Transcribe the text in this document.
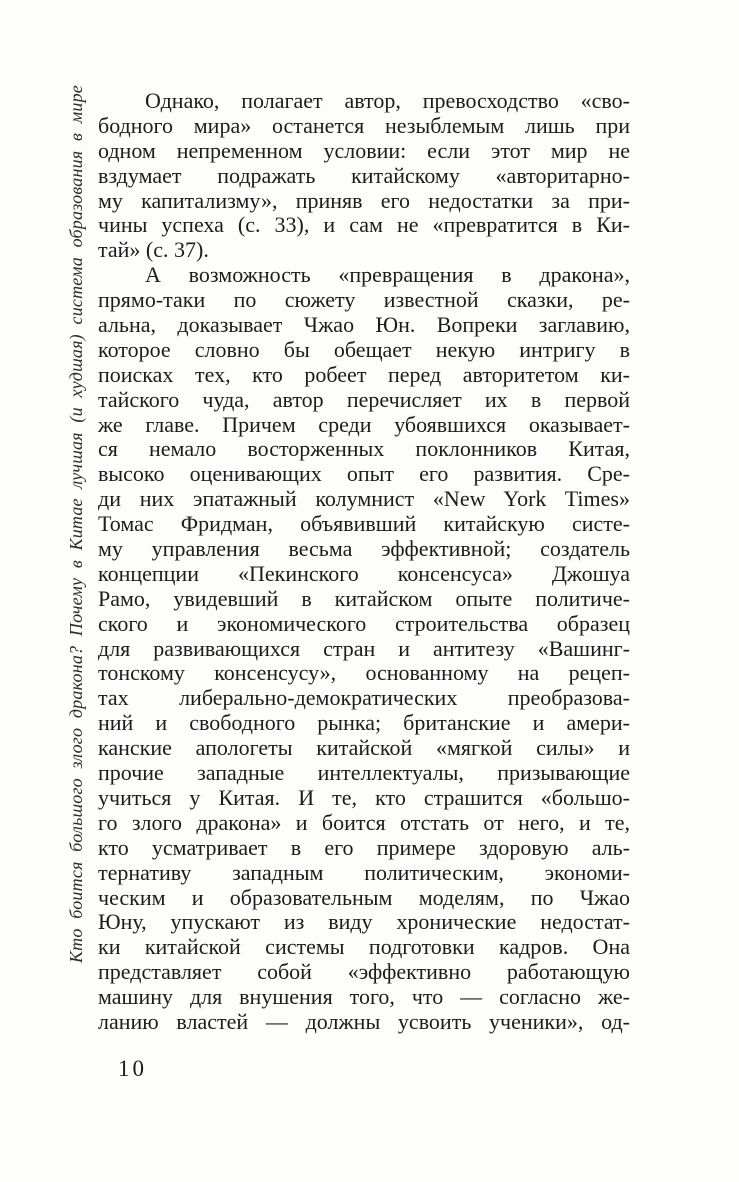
Кто боится большого злого дракона? Почему в Китае лучшая (и худшая) система образования в мире	Однако, полагает автор, превосходство «сво-
бодного мира» останется незыблемым лишь при
одном непременном условии: если этот мир не
вздумает подражать китайскому «авторитарно-
му капитализму», приняв его недостатки за при-
чины успеха (с. 33), и сам не «превратится в Ки-
тай» (с. 37).
А возможность «превращения в дракона»,
прямо-таки по сюжету известной сказки, ре-
альна, доказывает Чжао Юн. Вопреки заглавию,
которое словно бы обещает некую интригу в
поисках тех, кто робеет перед авторитетом ки-
тайского чуда, автор перечисляет их в первой
же главе. Причем среди убоявшихся оказывает-
ся немало восторженных поклонников Китая,
высоко оценивающих опыт его развития. Сре-
ди них эпатажный колумнист «New York Times»
Томас Фридман, объявивший китайскую систе-
му управления весьма эффективной; создатель
концепции «Пекинского консенсуса» Джошуа
Рамо, увидевший в китайском опыте политиче-
ского и экономического строительства образец
для развивающихся стран и антитезу «Вашинг-
тонскому консенсусу», основанному на рецеп-
тах либерально-демократических преобразова-
ний и свободного рынка; британские и амери-
канские апологеты китайской «мягкой силы» и
прочие западные интеллектуалы, призывающие
учиться у Китая. И те, кто страшится «большо-
го злого дракона» и боится отстать от него, и те,
кто усматривает в его примере здоровую аль-
тернативу западным политическим, экономи-
ческим и образовательным моделям, по Чжао
Юну, упускают из виду хронические недостат-
ки китайской системы подготовки кадров. Она
представляет собой «эффективно работающую
машину для внушения того, что — согласно же-
ланию властей — должны усвоить ученики», од-
10
